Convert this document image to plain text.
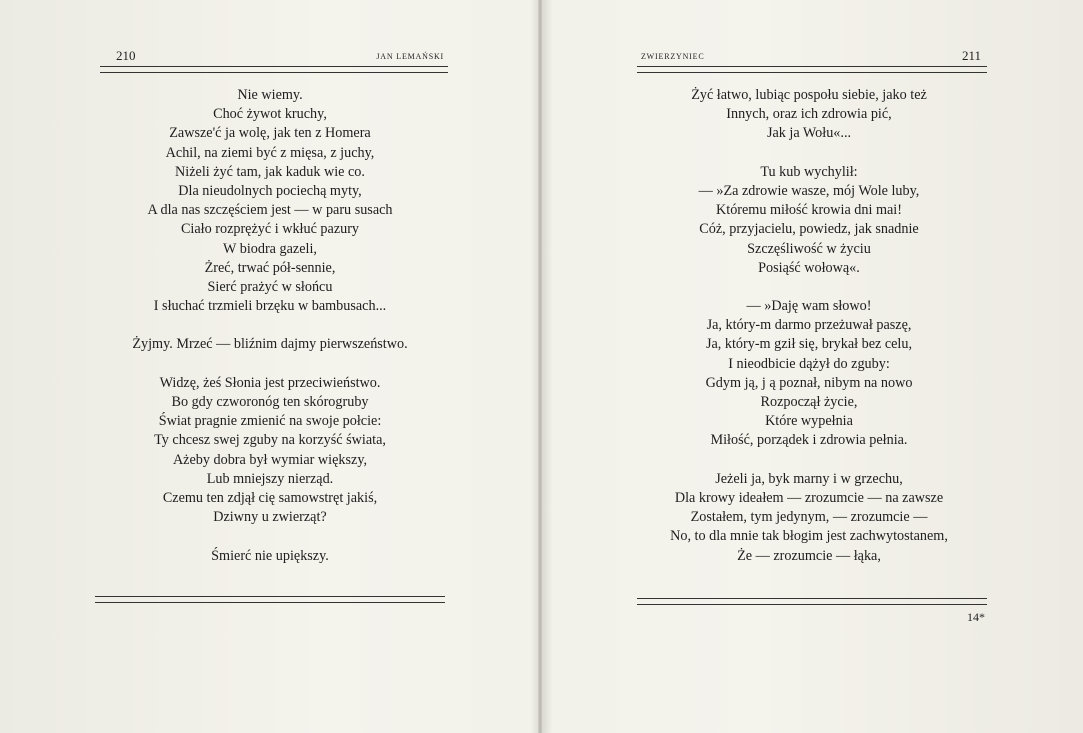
210	JAN LEMAŃSKI
Nie wiemy.
Choć żywot kruchy,
Zawsze'ć ja wolę, jak ten z Homera
Achil, na ziemi być z mięsa, z juchy,
Niżeli żyć tam, jak kaduk wie co.
Dla nieudolnych pociechą myty,
A dla nas szczęściem jest — w paru susach
Ciało rozprężyć i wkłuć pazury
W biodra gazeli,
Żreć, trwać pół-sennie,
Sierć prażyć w słońcu
I słuchać trzmieli brzęku w bambusach...
Żyjmy. Mrzeć — bliźnim dajmy pierwszeństwo.
Widzę, żeś Słonia jest przeciwieństwo.
Bo gdy czworonóg ten skórogruby
Świat pragnie zmienić na swoje połcie:
Ty chcesz swej zguby na korzyść świata,
Ażeby dobra był wymiar większy,
Lub mniejszy nierząd.
Czemu ten zdjął cię samowstręt jakiś,
Dziwny u zwierząt?
Śmierć nie upiększy.
ZWIERZYNIEC	211
Żyć łatwo, lubiąc pospołu siebie, jako też
Innych, oraz ich zdrowia pić,
Jak ja Wołu«...
Tu kub wychylił:
— »Za zdrowie wasze, mój Wole luby,
Któremu miłość krowia dni mai!
Cóż, przyjacielu, powiedz, jak snadnie
Szczęśliwość w życiu
Posiąść wołową«.
— »Daję wam słowo!
Ja, który-m darmo przeżuwał paszę,
Ja, który-m gził się, brykał bez celu,
I nieodbicie dążył do zguby:
Gdym ją, j ą poznał, nibym na nowo
Rozpoczął życie,
Które wypełnia
Miłość, porządek i zdrowia pełnia.
Jeżeli ja, byk marny i w grzechu,
Dla krowy ideałem — zrozumcie — na zawsze
Zostałem, tym jedynym, — zrozumcie —
No, to dla mnie tak błogim jest zachwytostanem,
Że — zrozumcie — łąka,
14*
